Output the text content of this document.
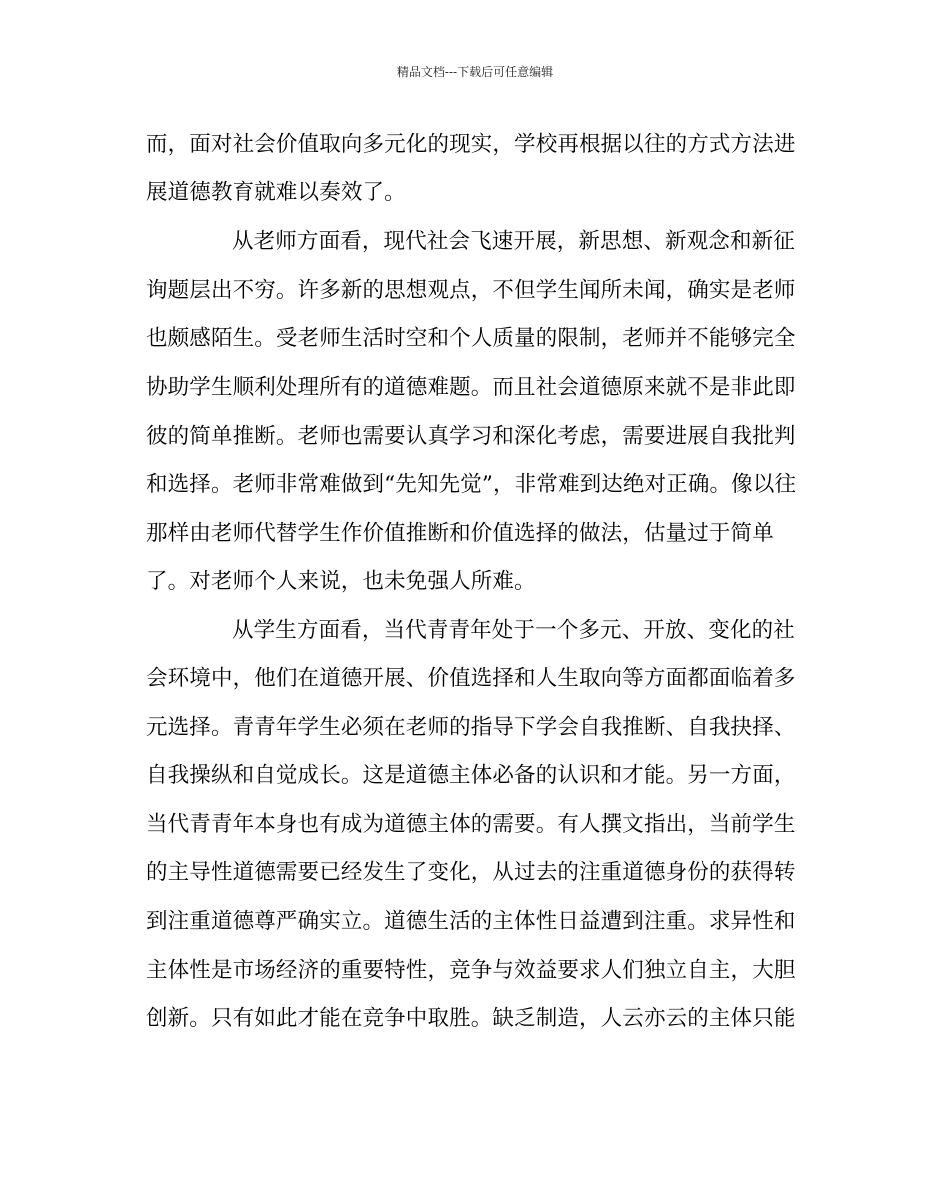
精品文档---下载后可任意编辑
而，面对社会价值取向多元化的现实，学校再根据以往的方式方法进
展道德教育就难以奏效了。
从老师方面看，现代社会飞速开展，新思想、新观念和新征
询题层出不穷。许多新的思想观点，不但学生闻所未闻，确实是老师
也颇感陌生。受老师生活时空和个人质量的限制，老师并不能够完全
协助学生顺利处理所有的道德难题。而且社会道德原来就不是非此即
彼的简单推断。老师也需要认真学习和深化考虑，需要进展自我批判
和选择。老师非常难做到“先知先觉”，非常难到达绝对正确。像以往
那样由老师代替学生作价值推断和价值选择的做法，估量过于简单
了。对老师个人来说，也未免强人所难。
从学生方面看，当代青青年处于一个多元、开放、变化的社
会环境中，他们在道德开展、价值选择和人生取向等方面都面临着多
元选择。青青年学生必须在老师的指导下学会自我推断、自我抉择、
自我操纵和自觉成长。这是道德主体必备的认识和才能。另一方面，
当代青青年本身也有成为道德主体的需要。有人撰文指出，当前学生
的主导性道德需要已经发生了变化，从过去的注重道德身份的获得转
到注重道德尊严确实立。道德生活的主体性日益遭到注重。求异性和
主体性是市场经济的重要特性，竞争与效益要求人们独立自主，大胆
创新。只有如此才能在竞争中取胜。缺乏制造，人云亦云的主体只能
